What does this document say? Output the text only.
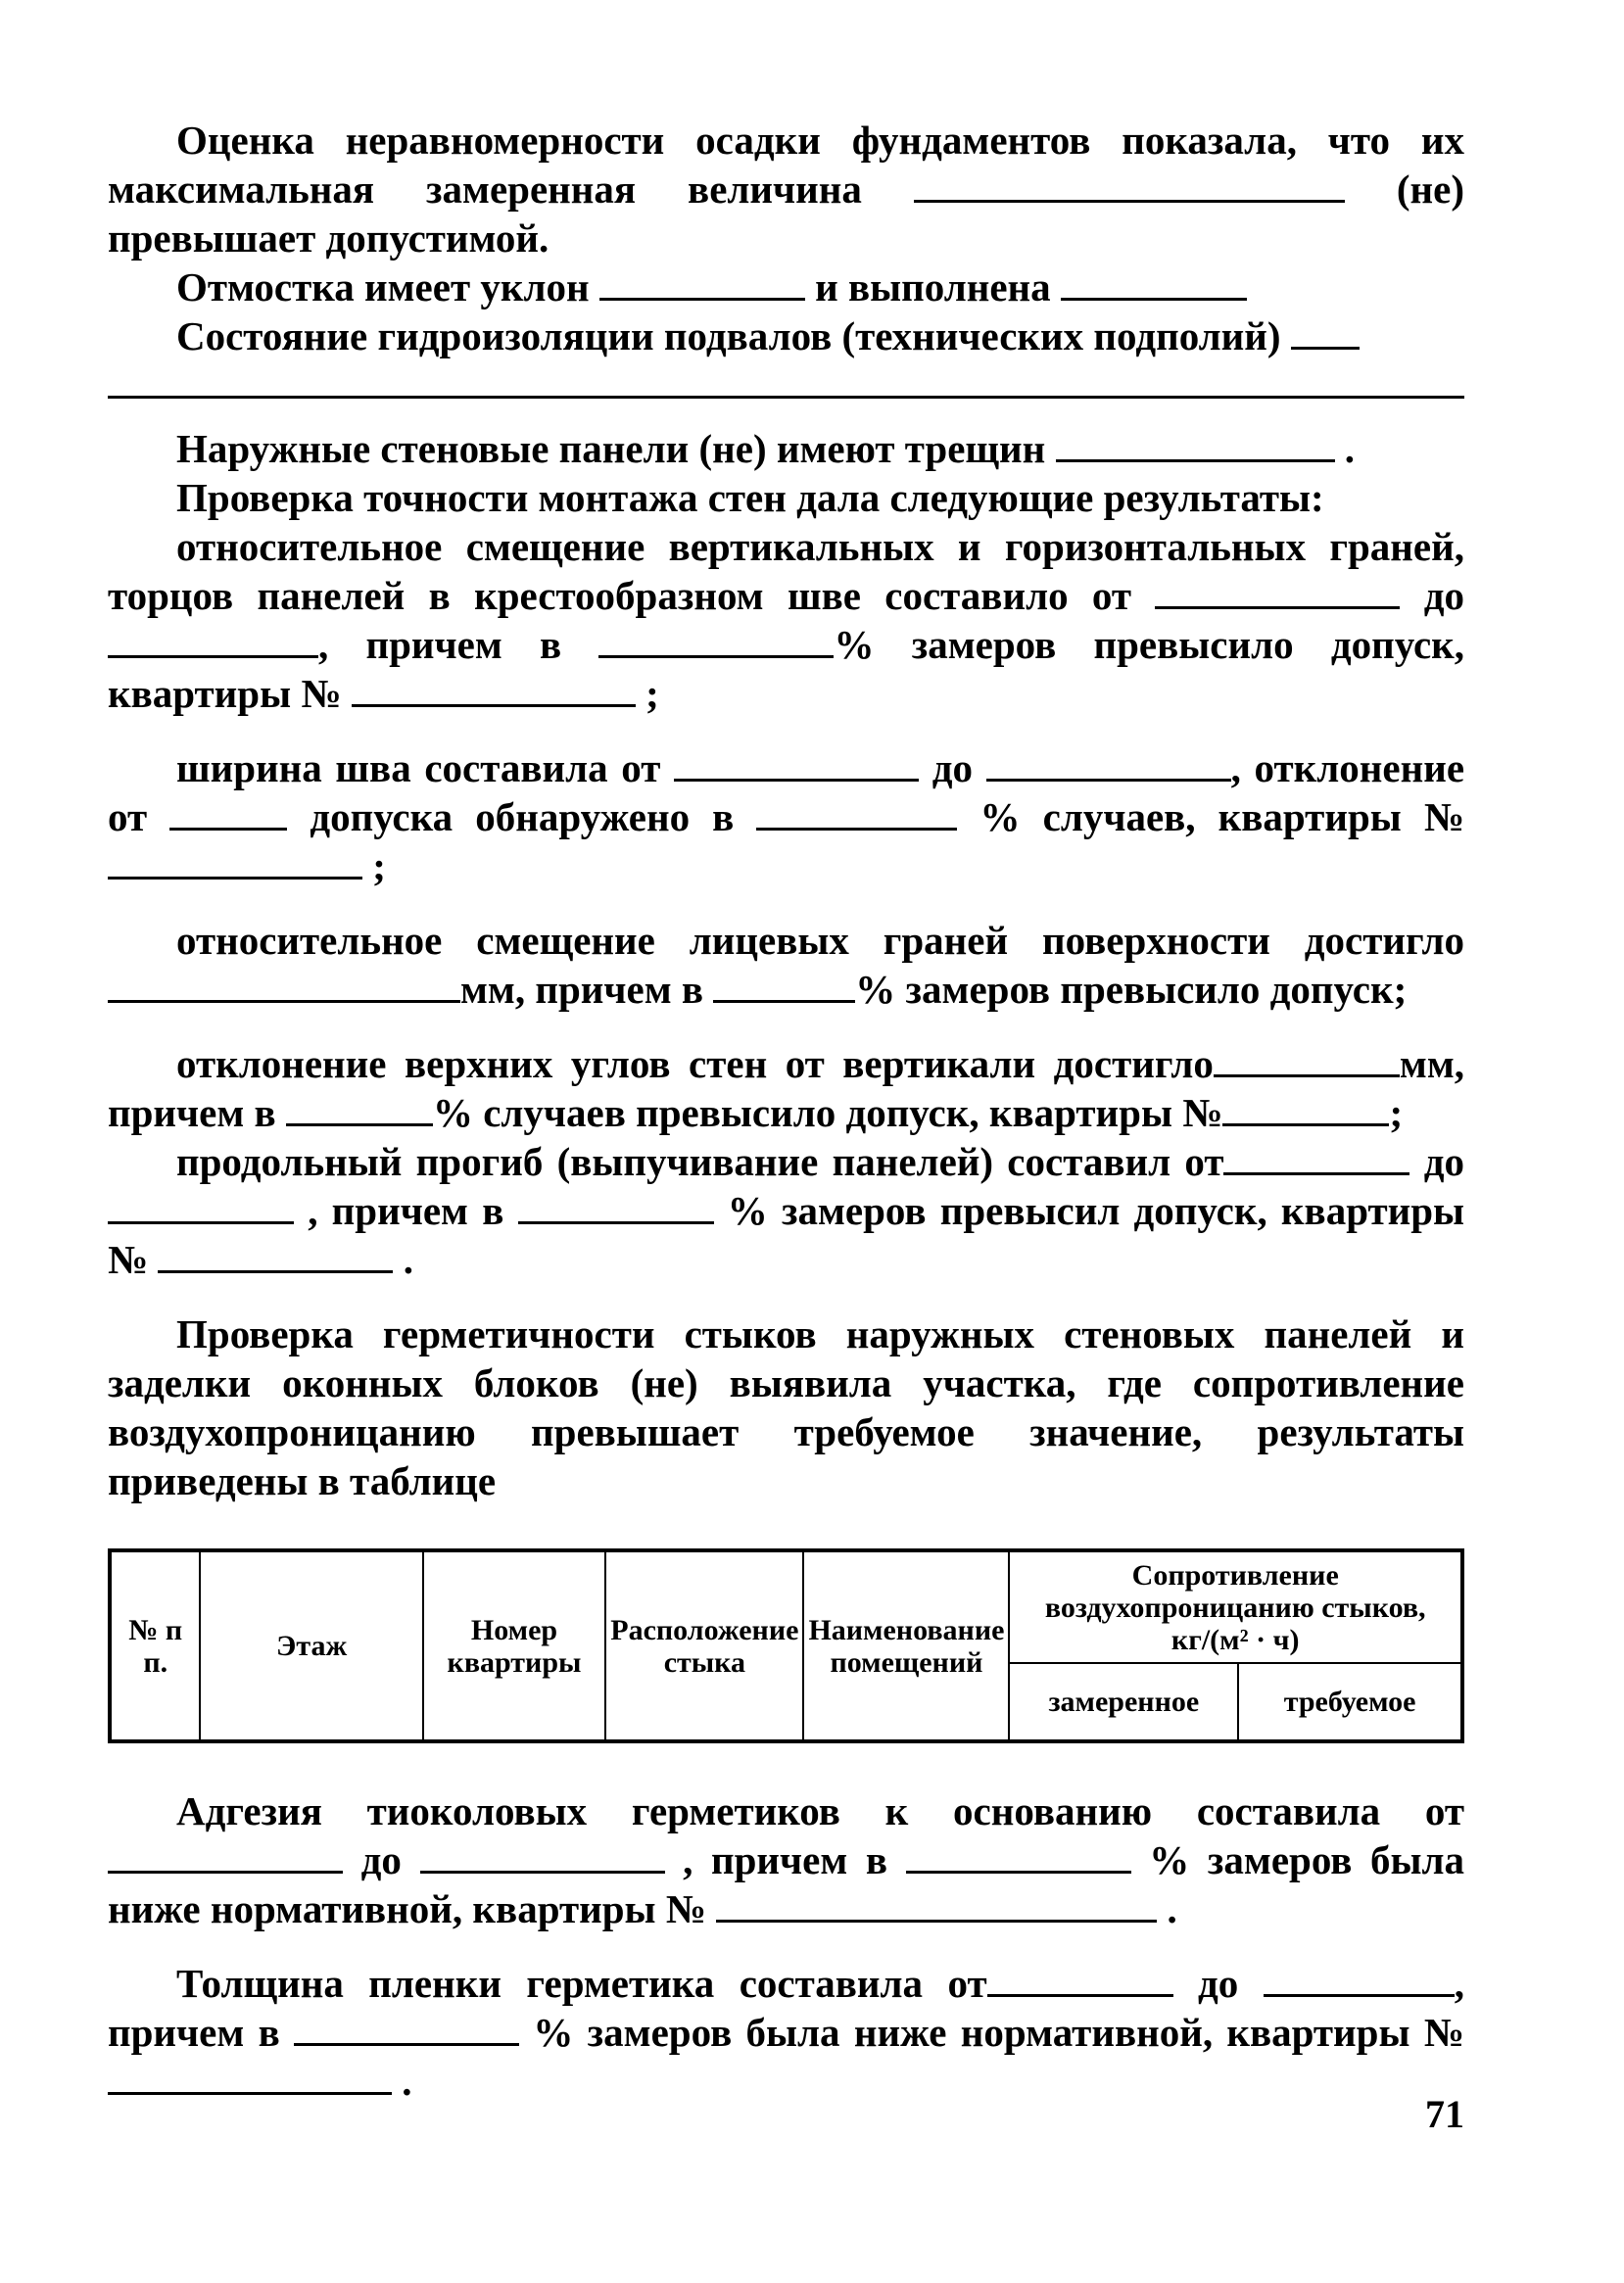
Оценка неравномерности осадки фундаментов показала, что их максимальная замеренная величина	(не) превышает допустимой.

Отмостка имеет уклон	и выполнена

Состояние гидроизоляции подвалов (технических подполий)

Наружные стеновые панели (не) имеют трещин	.

Проверка точности монтажа стен дала следующие результаты:

относительное смещение вертикальных и горизонтальных граней, торцов панелей в крестообразном шве составило от	до , причем в	% замеров превысило допуск, квартиры №	;

ширина шва составила от	до	, отклонение от	допуска обнаружено в	% случаев, квартиры №  ;

относительное смещение лицевых граней поверхности достигло мм, причем в	% замеров превысило допуск;

отклонение верхних углов стен от вертикали достигло	мм, причем в	% случаев превысило допуск, квартиры №	;

продольный прогиб (выпучивание панелей) составил от	до  , причем в	% замеров превысил допуск, квартиры №	.

Проверка герметичности стыков наружных стеновых панелей и заделки оконных блоков (не) выявила участка, где сопротивление воздухопроницанию превышает требуемое значение, результаты приведены в таблице

№ п п.	Этаж	Номер квартиры	Расположение стыка	Наименование помещений	Сопротивление воздухопроницанию стыков, кг/(м² · ч)	
					замеренное	требуемое

Адгезия тиоколовых герметиков к основанию составила от  до	, причем в	% замеров была ниже нормативной, квартиры №	.

Толщина пленки герметика составила от	до	, причем в	% замеров была ниже нормативной, квартиры №  .

71
